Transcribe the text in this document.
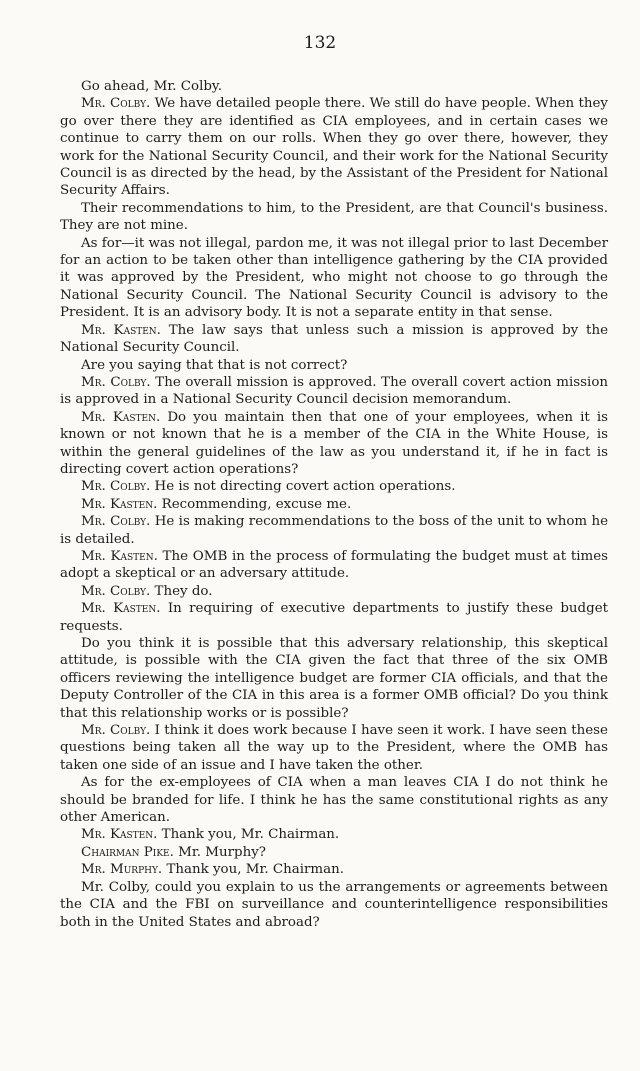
132

Go ahead, Mr. Colby.

Mr. Colby. We have detailed people there. We still do have people. When they go over there they are identified as CIA employees, and in certain cases we continue to carry them on our rolls. When they go over there, however, they work for the National Security Council, and their work for the National Security Council is as directed by the head, by the Assistant of the President for National Security Affairs.

Their recommendations to him, to the President, are that Council's business. They are not mine.

As for—it was not illegal, pardon me, it was not illegal prior to last December for an action to be taken other than intelligence gathering by the CIA provided it was approved by the President, who might not choose to go through the National Security Council. The National Security Council is advisory to the President. It is an advisory body. It is not a separate entity in that sense.

Mr. Kasten. The law says that unless such a mission is approved by the National Security Council.

Are you saying that that is not correct?

Mr. Colby. The overall mission is approved. The overall covert action mission is approved in a National Security Council decision memorandum.

Mr. Kasten. Do you maintain then that one of your employees, when it is known or not known that he is a member of the CIA in the White House, is within the general guidelines of the law as you understand it, if he in fact is directing covert action operations?

Mr. Colby. He is not directing covert action operations.

Mr. Kasten. Recommending, excuse me.

Mr. Colby. He is making recommendations to the boss of the unit to whom he is detailed.

Mr. Kasten. The OMB in the process of formulating the budget must at times adopt a skeptical or an adversary attitude.

Mr. Colby. They do.

Mr. Kasten. In requiring of executive departments to justify these budget requests.

Do you think it is possible that this adversary relationship, this skeptical attitude, is possible with the CIA given the fact that three of the six OMB officers reviewing the intelligence budget are former CIA officials, and that the Deputy Controller of the CIA in this area is a former OMB official? Do you think that this relationship works or is possible?

Mr. Colby. I think it does work because I have seen it work. I have seen these questions being taken all the way up to the President, where the OMB has taken one side of an issue and I have taken the other.

As for the ex-employees of CIA when a man leaves CIA I do not think he should be branded for life. I think he has the same constitutional rights as any other American.

Mr. Kasten. Thank you, Mr. Chairman.

Chairman Pike. Mr. Murphy?

Mr. Murphy. Thank you, Mr. Chairman.

Mr. Colby, could you explain to us the arrangements or agreements between the CIA and the FBI on surveillance and counterintelligence responsibilities both in the United States and abroad?
